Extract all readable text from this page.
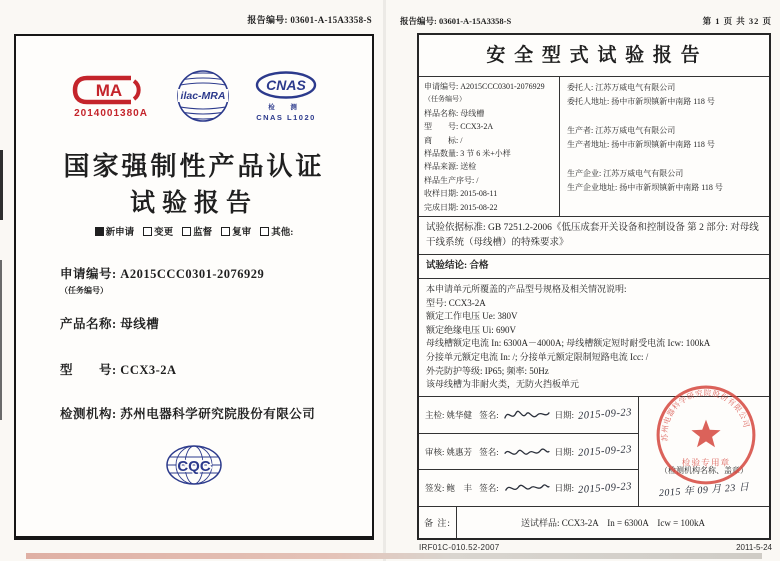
报告编号: 03601-A-15A3358-S
MA
2014001380A
ilac-MRA
CNAS
检 测
CNAS L1020
国家强制性产品认证
试验报告
新申请 变更 监督 复审 其他:
申请编号: A2015CCC0301-2076929
（任务编号）
产品名称: 母线槽
型　　号: CCX3-2A
检测机构: 苏州电器科学研究院股份有限公司
CQC
报告编号: 03601-A-15A3358-S	第 1 页 共 32 页
安 全 型 式 试 验 报 告
申请编号: A2015CCC0301-2076929
（任务编号）
样品名称: 母线槽
型　　号: CCX3-2A
商　　标: /
样品数量: 3 节 6 米+小样
样品来源: 送检
样品生产序号: /
收样日期: 2015-08-11
完成日期: 2015-08-22
委托人: 江苏万威电气有限公司
委托人地址: 扬中市新坝镇新中南路 118 号
生产者: 江苏万威电气有限公司
生产者地址: 扬中市新坝镇新中南路 118 号
生产企业: 江苏万威电气有限公司
生产企业地址: 扬中市新坝镇新中南路 118 号
试验依据标准: GB 7251.2-2006《低压成套开关设备和控制设备 第 2 部分: 对母线干线系统（母线槽）的特殊要求》
试验结论: 合格
本申请单元所覆盖的产品型号规格及相关情况说明:
型号: CCX3-2A
额定工作电压 Ue: 380V
额定绝缘电压 Ui: 690V
母线槽额定电流 In: 6300A－4000A; 母线槽额定短时耐受电流 Icw: 100kA
分接单元额定电流 In: /; 分接单元额定限制短路电流 Icc: /
外壳防护等级: IP65; 频率: 50Hz
该母线槽为非耐火类，无防火挡板单元
主检: 姚华健 签名:	日期: 2015-09-23
审核: 姚惠芳 签名:	日期: 2015-09-23
签发: 鲍　丰 签名:	日期: 2015-09-23
（检测机构名称、盖章）
2015 年 09 月 23 日
备 注:	送试样品: CCX3-2A　In = 6300A　Icw = 100kA
苏州电器科学研究院股份有限公司
检验专用章
IRF01C-010.52-2007	2011-5-24
